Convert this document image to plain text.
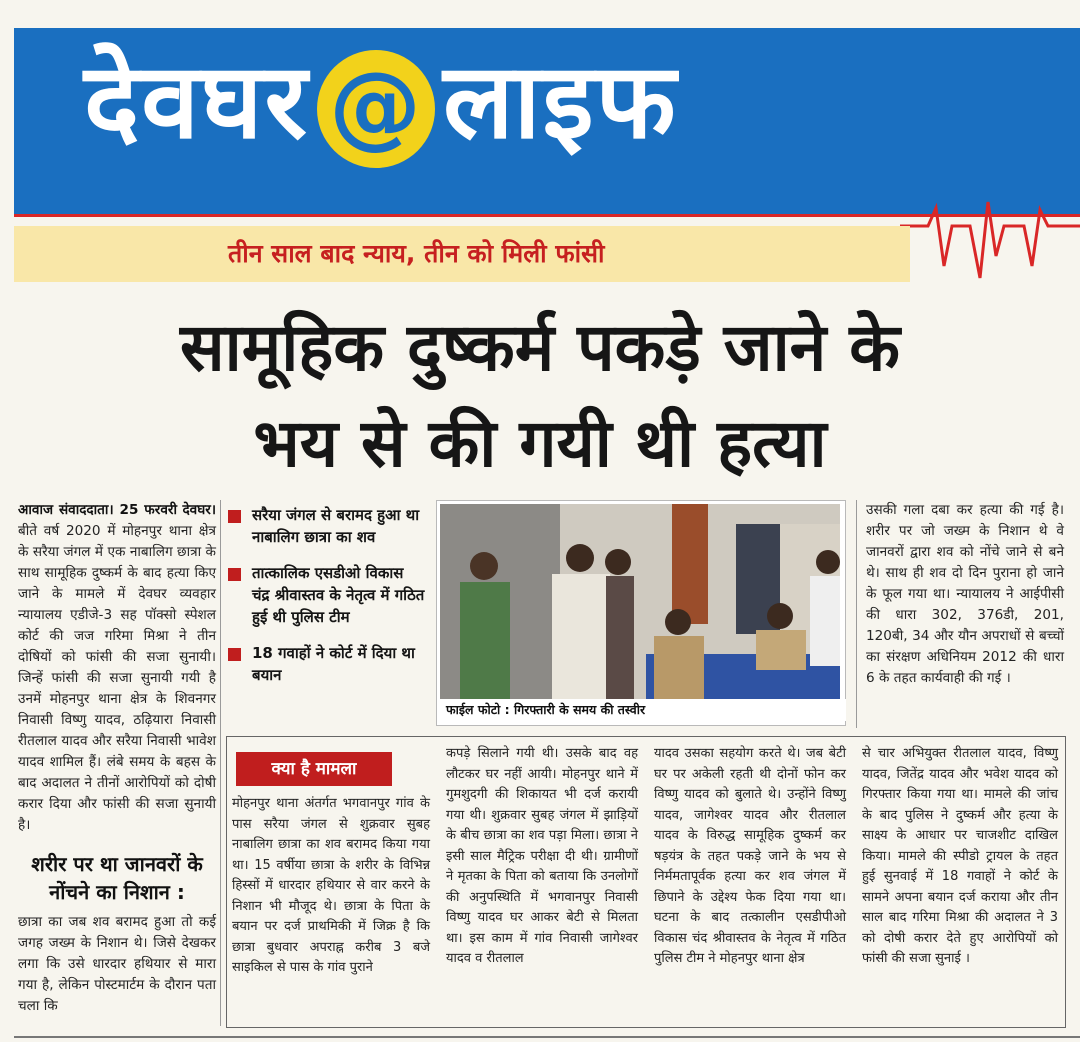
देवघर @ लाइफ
तीन साल बाद न्याय, तीन को मिली फांसी
सामूहिक दुष्कर्म पकड़े जाने के
भय से की गयी थी हत्या
आवाज संवाददाता। 25 फरवरी देवघर। बीते वर्ष 2020 में मोहनपुर थाना क्षेत्र के सरैया जंगल में एक नाबालिग छात्रा के साथ सामूहिक दुष्कर्म के बाद हत्या किए जाने के मामले में देवघर व्यवहार न्यायालय एडीजे-3 सह पॉक्सो स्पेशल कोर्ट की जज गरिमा मिश्रा ने तीन दोषियों को फांसी की सजा सुनायी। जिन्हें फांसी की सजा सुनायी गयी है उनमें मोहनपुर थाना क्षेत्र के शिवनगर निवासी विष्णु यादव, ठढ़ियारा निवासी रीतलाल यादव और सरैया निवासी भावेश यादव शामिल हैं। लंबे समय के बहस के बाद अदालत ने तीनों आरोपियों को दोषी करार दिया और फांसी की सजा सुनायी है।
शरीर पर था जानवरों के नोंचने का निशान :
छात्रा का जब शव बरामद हुआ तो कई जगह जख्म के निशान थे। जिसे देखकर लगा कि उसे धारदार हथियार से मारा गया है, लेकिन पोस्टमार्टम के दौरान पता चला कि
सरैया जंगल से बरामद हुआ था नाबालिग छात्रा का शव
तात्कालिक एसडीओ विकास चंद्र श्रीवास्तव के नेतृत्व में गठित हुई थी पुलिस टीम
18 गवाहों ने कोर्ट में दिया था बयान
फाईल फोटो : गिरफ्तारी के समय की तस्वीर
उसकी गला दबा कर हत्या की गई है। शरीर पर जो जख्म के निशान थे वे जानवरों द्वारा शव को नोंचे जाने से बने थे। साथ ही शव दो दिन पुराना हो जाने के फूल गया था। न्यायालय ने आईपीसी की धारा 302, 376डी, 201, 120बी, 34 और यौन अपराधों से बच्चों का संरक्षण अधिनियम 2012 की धारा 6 के तहत कार्यवाही की गई ।
क्या है मामला
मोहनपुर थाना अंतर्गत भगवानपुर गांव के पास सरैया जंगल से शुक्रवार सुबह नाबालिग छात्रा का शव बरामद किया गया था। 15 वर्षीया छात्रा के शरीर के विभिन्न हिस्सों में धारदार हथियार से वार करने के निशान भी मौजूद थे। छात्रा के पिता के बयान पर दर्ज प्राथमिकी में जिक्र है कि छात्रा बुधवार अपराह्न करीब 3 बजे साइकिल से पास के गांव पुराने
कपड़े सिलाने गयी थी। उसके बाद वह लौटकर घर नहीं आयी। मोहनपुर थाने में गुमशुदगी की शिकायत भी दर्ज करायी गया थी। शुक्रवार सुबह जंगल में झाड़ियों के बीच छात्रा का शव पड़ा मिला। छात्रा ने इसी साल मैट्रिक परीक्षा दी थी। ग्रामीणों ने मृतका के पिता को बताया कि उनलोगों की अनुपस्थिति में भगवानपुर निवासी विष्णु यादव घर आकर बेटी से मिलता था। इस काम में गांव निवासी जागेश्वर यादव व रीतलाल
यादव उसका सहयोग करते थे। जब बेटी घर पर अकेली रहती थी दोनों फोन कर विष्णु यादव को बुलाते थे। उन्होंने विष्णु यादव, जागेश्वर यादव और रीतलाल यादव के विरुद्ध सामूहिक दुष्कर्म कर षड़यंत्र के तहत पकड़े जाने के भय से निर्ममतापूर्वक हत्या कर शव जंगल में छिपाने के उद्देश्य फेक दिया गया था। घटना के बाद तत्कालीन एसडीपीओ विकास चंद श्रीवास्तव के नेतृत्व में गठित पुलिस टीम ने मोहनपुर थाना क्षेत्र
से चार अभियुक्त रीतलाल यादव, विष्णु यादव, जितेंद्र यादव और भवेश यादव को गिरफ्तार किया गया था। मामले की जांच के बाद पुलिस ने दुष्कर्म और हत्या के साक्ष्य के आधार पर चाजशीट दाखिल किया। मामले की स्पीडो ट्रायल के तहत हुई सुनवाई में 18 गवाहों ने कोर्ट के सामने अपना बयान दर्ज कराया और तीन साल बाद गरिमा मिश्रा की अदालत ने 3 को दोषी करार देते हुए आरोपियों को फांसी की सजा सुनाई ।
